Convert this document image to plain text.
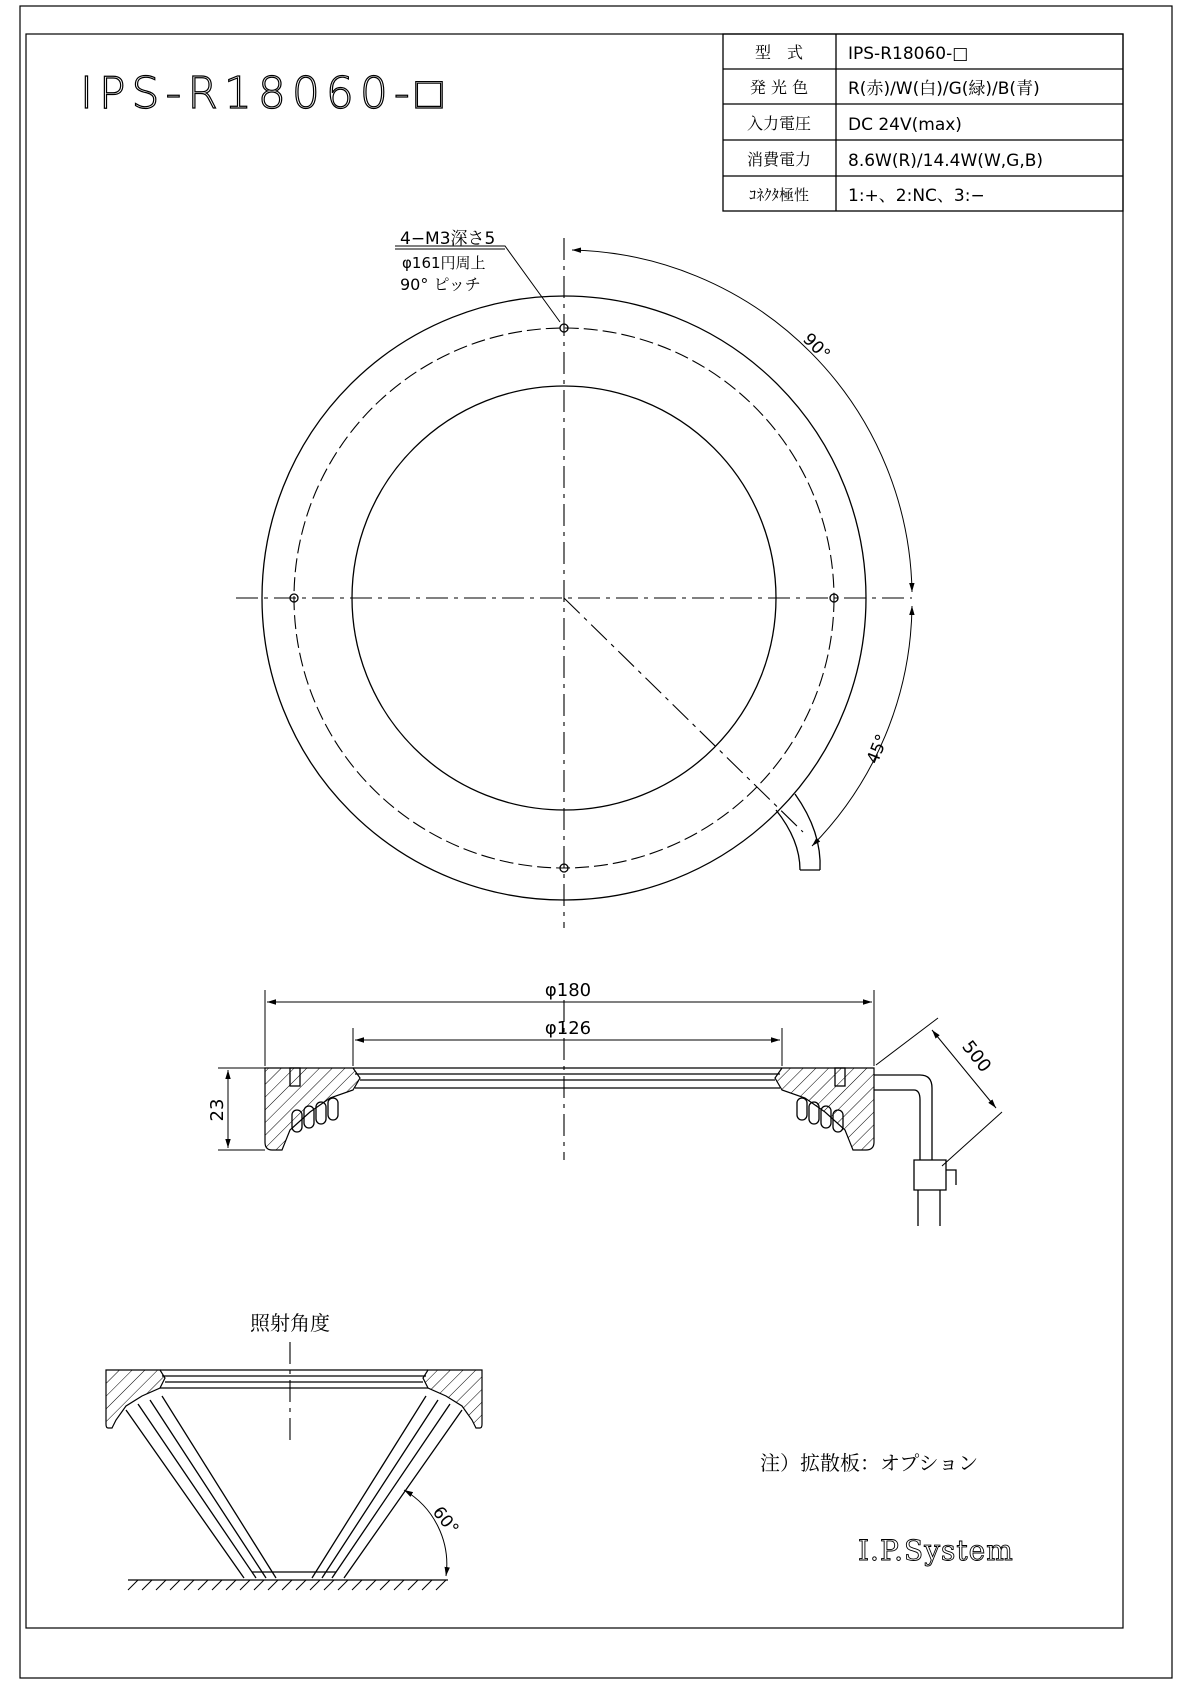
IPS-R18060-□
型　式	IPS-R18060-□
発 光 色 R(赤)/W(白)/G(緑)/B(青)
入力電圧 DC 24V(max)
消費電力 8.6W(R)/14.4W(W,G,B)
ｺﾈｸﾀ極性 1:+、2:NC、3:−
4−M3深さ5
φ161円周上
90° ピッチ
90°
45°
φ180
φ126
23
500
照射角度
60°
注）拡散板：オプション
I.P.System
